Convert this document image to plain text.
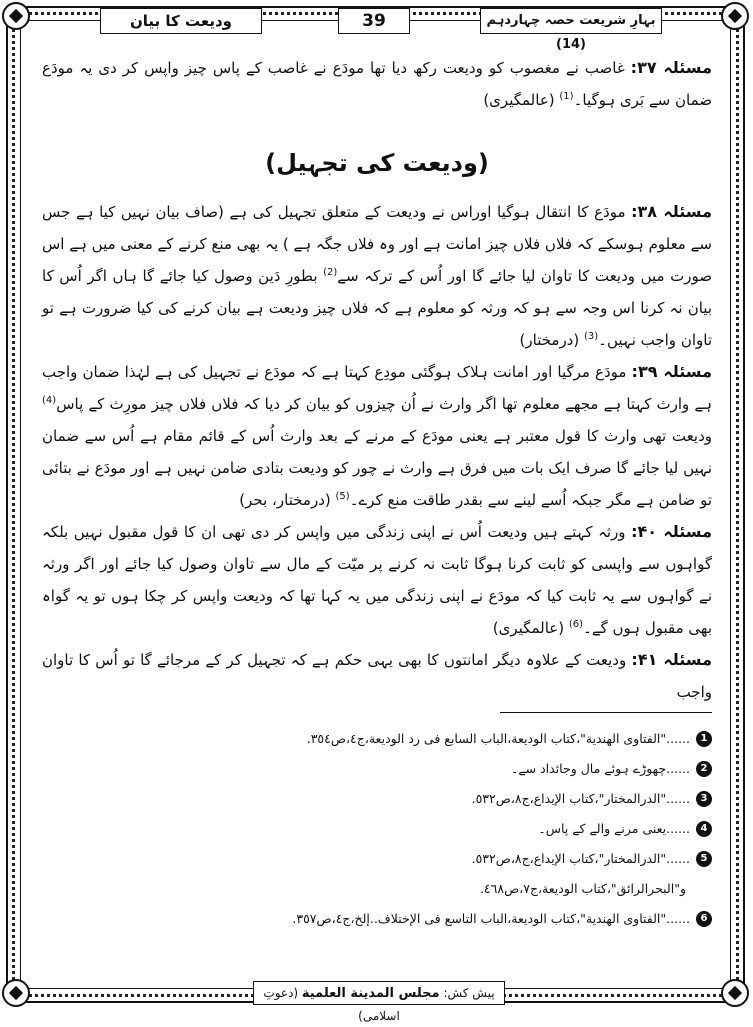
ودیعت کا بیان	39	بہارِ شریعت حصہ چہاردہم (14)

مسئلہ ۳۷: غاصب نے مغصوب کو ودیعت رکھ دیا تھا مودَع نے غاصب کے پاس چیز واپس کر دی یہ مودَع ضمان سے بَری ہوگیا۔$^{(1)}$ (عالمگیری)

(ودیعت کی تجہیل)

مسئلہ ۳۸: مودَع کا انتقال ہوگیا اوراس نے ودیعت کے متعلق تجہیل کی ہے (صاف بیان نہیں کیا ہے جس سے معلوم ہوسکے کہ فلاں فلاں چیز امانت ہے اور وہ فلاں جگہ ہے ) یہ بھی منع کرنے کے معنی میں ہے اس صورت میں ودیعت کا تاوان لیا جائے گا اور اُس کے ترکہ سے$^{(2)}$ بطورِ دَین وصول کیا جائے گا ہاں اگر اُس کا بیان نہ کرنا اس وجہ سے ہو کہ ورثہ کو معلوم ہے کہ فلاں چیز ودیعت ہے بیان کرنے کی کیا ضرورت ہے تو تاوان واجب نہیں۔$^{(3)}$ (درمختار)

مسئلہ ۳۹: مودَع مرگیا اور امانت ہلاک ہوگئی مودِع کہتا ہے کہ مودَع نے تجہیل کی ہے لہٰذا ضمان واجب ہے وارث کہتا ہے مجھے معلوم تھا اگر وارث نے اُن چیزوں کو بیان کر دیا کہ فلاں فلاں چیز مورِث کے پاس$^{(4)}$ ودیعت تھی وارث کا قول معتبر ہے یعنی مودَع کے مرنے کے بعد وارث اُس کے قائم مقام ہے اُس سے ضمان نہیں لیا جائے گا صرف ایک بات میں فرق ہے وارث نے چور کو ودیعت بتادی ضامن نہیں ہے اور مودَع نے بتائی تو ضامن ہے مگر جبکہ اُسے لینے سے بقدر طاقت منع کرے۔$^{(5)}$ (درمختار، بحر)

مسئلہ ۴۰: ورثہ کہتے ہیں ودیعت اُس نے اپنی زندگی میں واپس کر دی تھی ان کا قول مقبول نہیں بلکہ گواہوں سے واپسی کو ثابت کرنا ہوگا ثابت نہ کرنے پر میّت کے مال سے تاوان وصول کیا جائے اور اگر ورثہ نے گواہوں سے یہ ثابت کیا کہ مودَع نے اپنی زندگی میں یہ کہا تھا کہ ودیعت واپس کر چکا ہوں تو یہ گواہ بھی مقبول ہوں گے۔$^{(6)}$ (عالمگیری)

مسئلہ ۴۱: ودیعت کے علاوہ دیگر امانتوں کا بھی یہی حکم ہے کہ تجہیل کر کے مرجائے گا تو اُس کا تاوان واجب

1
......"الفتاوی الهندیة"،کتاب الودیعة،الباب السابع فی رد الودیعة،ج٤،ص٣٥٤.
2
......چھوڑے ہوئے مال وجائداد سے۔
3
......"الدرالمختار"،کتاب الإیداع،ج٨،ص٥٣٢.
4
......یعنی مرنے والے کے پاس۔
5
......"الدرالمختار"،کتاب الإیداع،ج٨،ص٥٣٢.
و"البحرالرائق"،کتاب الودیعة،ج٧،ص٤٦٨.
6
......"الفتاوی الهندیة"،کتاب الودیعة،الباب التاسع فی الإختلاف..إلخ،ج٤،ص٣٥٧.
پیش کش: مجلس المدینة العلمیة (دعوتِ اسلامی)
